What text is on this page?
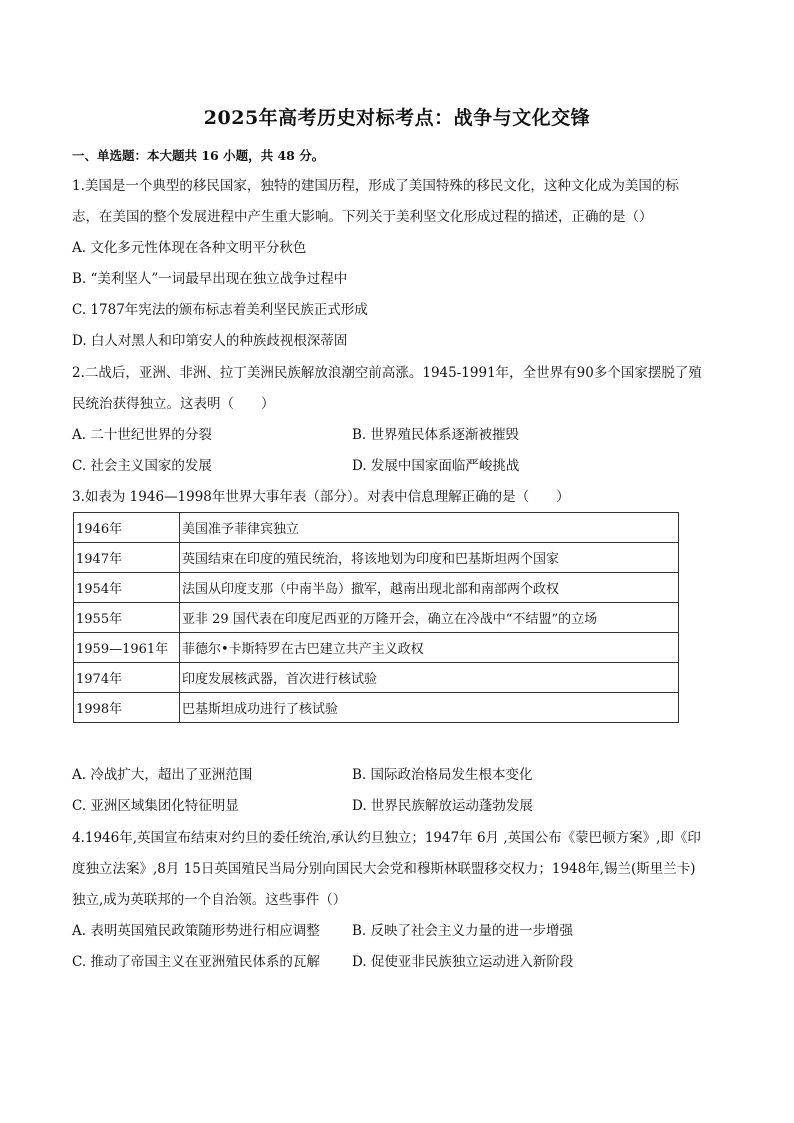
2025年高考历史对标考点：战争与文化交锋
一、单选题：本大题共 16 小题，共 48 分。
1.美国是一个典型的移民国家，独特的建国历程，形成了美国特殊的移民文化，这种文化成为美国的标
志，在美国的整个发展进程中产生重大影响。下列关于美利坚文化形成过程的描述，正确的是（）
A. 文化多元性体现在各种文明平分秋色
B. “美利坚人”一词最早出现在独立战争过程中
C. 1787年宪法的颁布标志着美利坚民族正式形成
D. 白人对黑人和印第安人的种族歧视根深蒂固
2.二战后，亚洲、非洲、拉丁美洲民族解放浪潮空前高涨。1945-1991年，全世界有90多个国家摆脱了殖
民统治获得独立。这表明（　　）
A. 二十世纪世界的分裂	B. 世界殖民体系逐渐被摧毁
C. 社会主义国家的发展	D. 发展中国家面临严峻挑战
3.如表为 1946—1998年世界大事年表（部分）。对表中信息理解正确的是（　　）
1946年	美国准予菲律宾独立
1947年	英国结束在印度的殖民统治，将该地划为印度和巴基斯坦两个国家
1954年	法国从印度支那（中南半岛）撤军，越南出现北部和南部两个政权
1955年	亚非 29 国代表在印度尼西亚的万隆开会，确立在冷战中“不结盟”的立场
1959—1961年	菲德尔•卡斯特罗在古巴建立共产主义政权
1974年	印度发展核武器，首次进行核试验
1998年	巴基斯坦成功进行了核试验
A. 冷战扩大，超出了亚洲范围	B. 国际政治格局发生根本变化
C. 亚洲区域集团化特征明显	D. 世界民族解放运动蓬勃发展
4.1946年,英国宣布结束对约旦的委任统治,承认约旦独立；1947年 6月 ,英国公布《蒙巴顿方案》,即《印
度独立法案》,8月 15日英国殖民当局分别向国民大会党和穆斯林联盟移交权力；1948年,锡兰(斯里兰卡)
独立,成为英联邦的一个自治领。这些事件（）
A. 表明英国殖民政策随形势进行相应调整 B. 反映了社会主义力量的进一步增强
C. 推动了帝国主义在亚洲殖民体系的瓦解 D. 促使亚非民族独立运动进入新阶段
